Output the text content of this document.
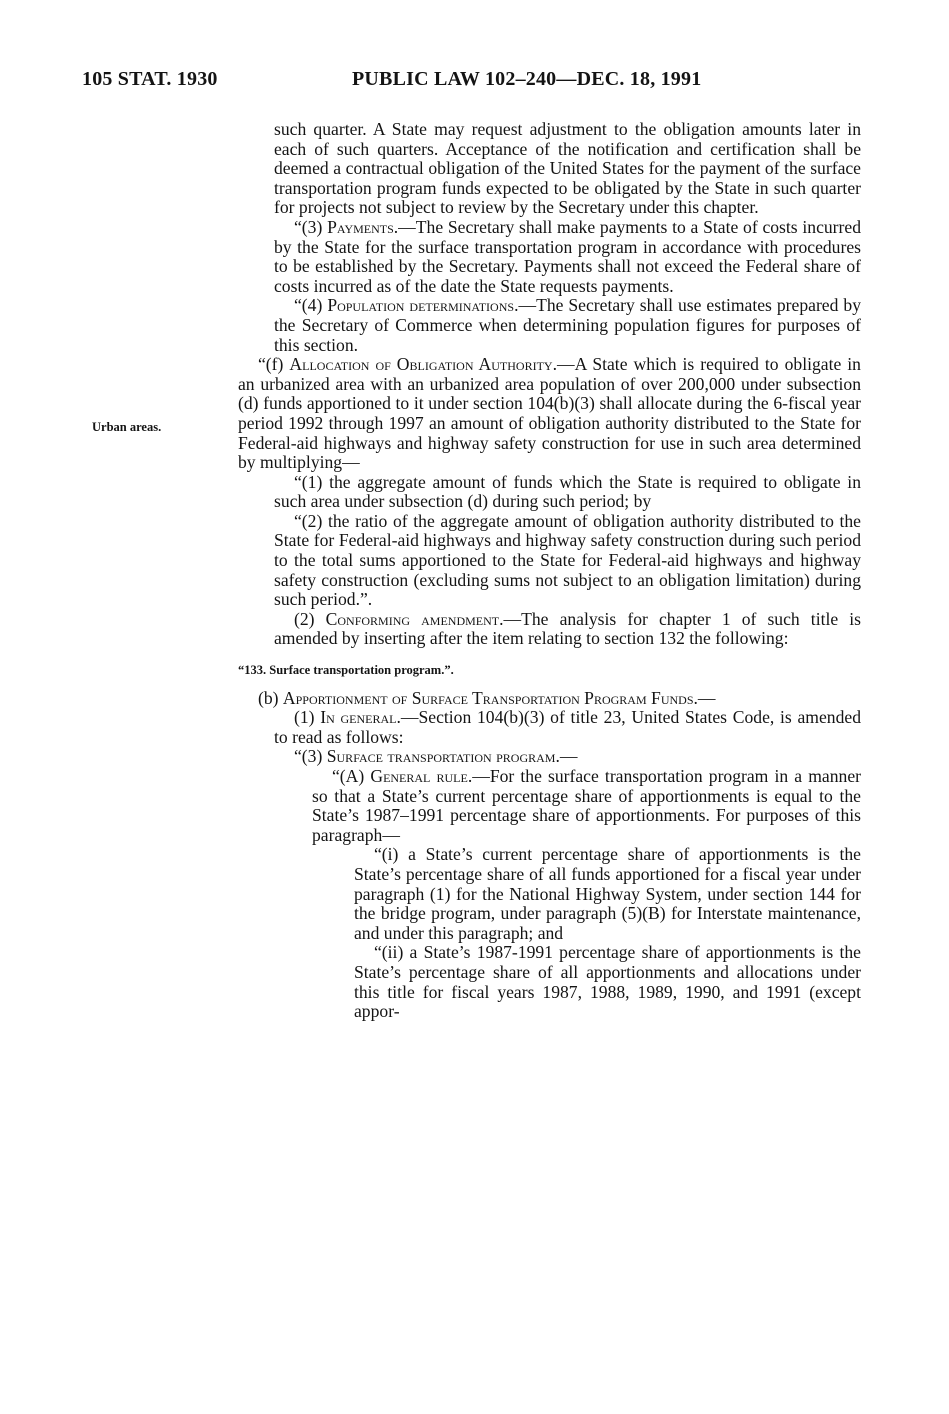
105 STAT. 1930	PUBLIC LAW 102–240—DEC. 18, 1991
Urban areas.

such quarter. A State may request adjustment to the obligation amounts later in each of such quarters. Acceptance of the notification and certification shall be deemed a contractual obligation of the United States for the payment of the surface transportation program funds expected to be obligated by the State in such quarter for projects not subject to review by the Secretary under this chapter.

“(3) Payments.—The Secretary shall make payments to a State of costs incurred by the State for the surface transportation program in accordance with procedures to be established by the Secretary. Payments shall not exceed the Federal share of costs incurred as of the date the State requests payments.

“(4) Population determinations.—The Secretary shall use estimates prepared by the Secretary of Commerce when determining population figures for purposes of this section.

“(f) Allocation of Obligation Authority.—A State which is required to obligate in an urbanized area with an urbanized area population of over 200,000 under subsection (d) funds apportioned to it under section 104(b)(3) shall allocate during the 6-fiscal year period 1992 through 1997 an amount of obligation authority distributed to the State for Federal-aid highways and highway safety construction for use in such area determined by multiplying—

“(1) the aggregate amount of funds which the State is required to obligate in such area under subsection (d) during such period; by

“(2) the ratio of the aggregate amount of obligation authority distributed to the State for Federal-aid highways and highway safety construction during such period to the total sums apportioned to the State for Federal-aid highways and highway safety construction (excluding sums not subject to an obligation limitation) during such period.”.

(2) Conforming amendment.—The analysis for chapter 1 of such title is amended by inserting after the item relating to section 132 the following:

“133. Surface transportation program.”.

(b) Apportionment of Surface Transportation Program Funds.—

(1) In general.—Section 104(b)(3) of title 23, United States Code, is amended to read as follows:

“(3) Surface transportation program.—

“(A) General rule.—For the surface transportation program in a manner so that a State’s current percentage share of apportionments is equal to the State’s 1987–1991 percentage share of apportionments. For purposes of this paragraph—

“(i) a State’s current percentage share of apportionments is the State’s percentage share of all funds apportioned for a fiscal year under paragraph (1) for the National Highway System, under section 144 for the bridge program, under paragraph (5)(B) for Interstate maintenance, and under this paragraph; and

“(ii) a State’s 1987-1991 percentage share of apportionments is the State’s percentage share of all apportionments and allocations under this title for fiscal years 1987, 1988, 1989, 1990, and 1991 (except appor-
